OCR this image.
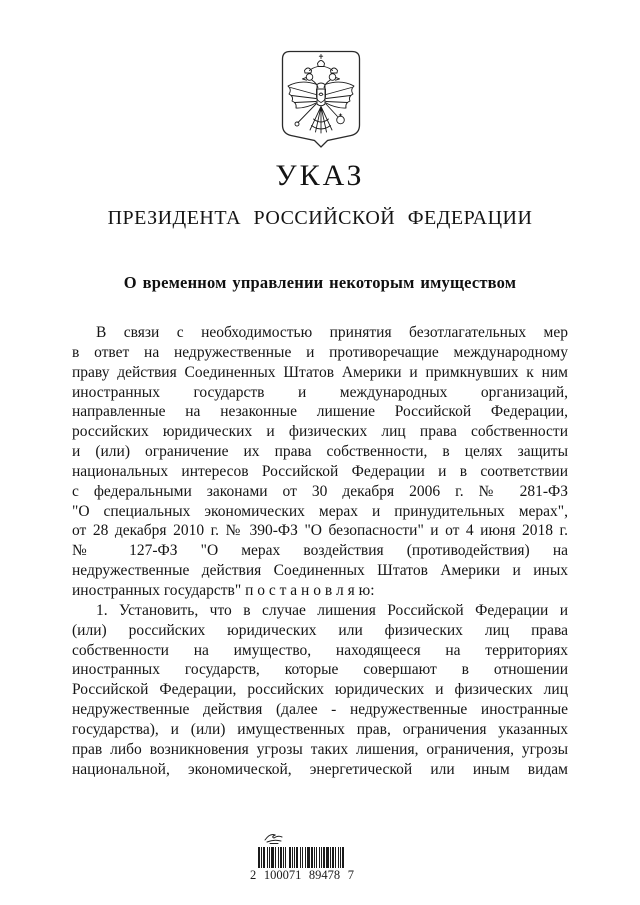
УКАЗ
ПРЕЗИДЕНТА РОССИЙСКОЙ ФЕДЕРАЦИИ
О временном управлении некоторым имуществом
В связи с необходимостью принятия безотлагательных мер
в ответ на недружественные и противоречащие международному
праву действия Соединенных Штатов Америки и примкнувших к ним
иностранных государств и международных организаций,
направленные на незаконные лишение Российской Федерации,
российских юридических и физических лиц права собственности
и (или) ограничение их права собственности, в целях защиты
национальных интересов Российской Федерации и в соответствии
с федеральными законами от 30 декабря 2006 г. № 281-ФЗ
"О специальных экономических мерах и принудительных мерах",
от 28 декабря 2010 г. № 390-ФЗ "О безопасности" и от 4 июня 2018 г.
№ 127-ФЗ "О мерах воздействия (противодействия) на
недружественные действия Соединенных Штатов Америки и иных
иностранных государств" п о с т а н о в л я ю:
1. Установить, что в случае лишения Российской Федерации и
(или) российских юридических или физических лиц права
собственности на имущество, находящееся на территориях
иностранных государств, которые совершают в отношении
Российской Федерации, российских юридических и физических лиц
недружественные действия (далее - недружественные иностранные
государства), и (или) имущественных прав, ограничения указанных
прав либо возникновения угрозы таких лишения, ограничения, угрозы
национальной, экономической, энергетической или иным видам
2 100071 89478 7
